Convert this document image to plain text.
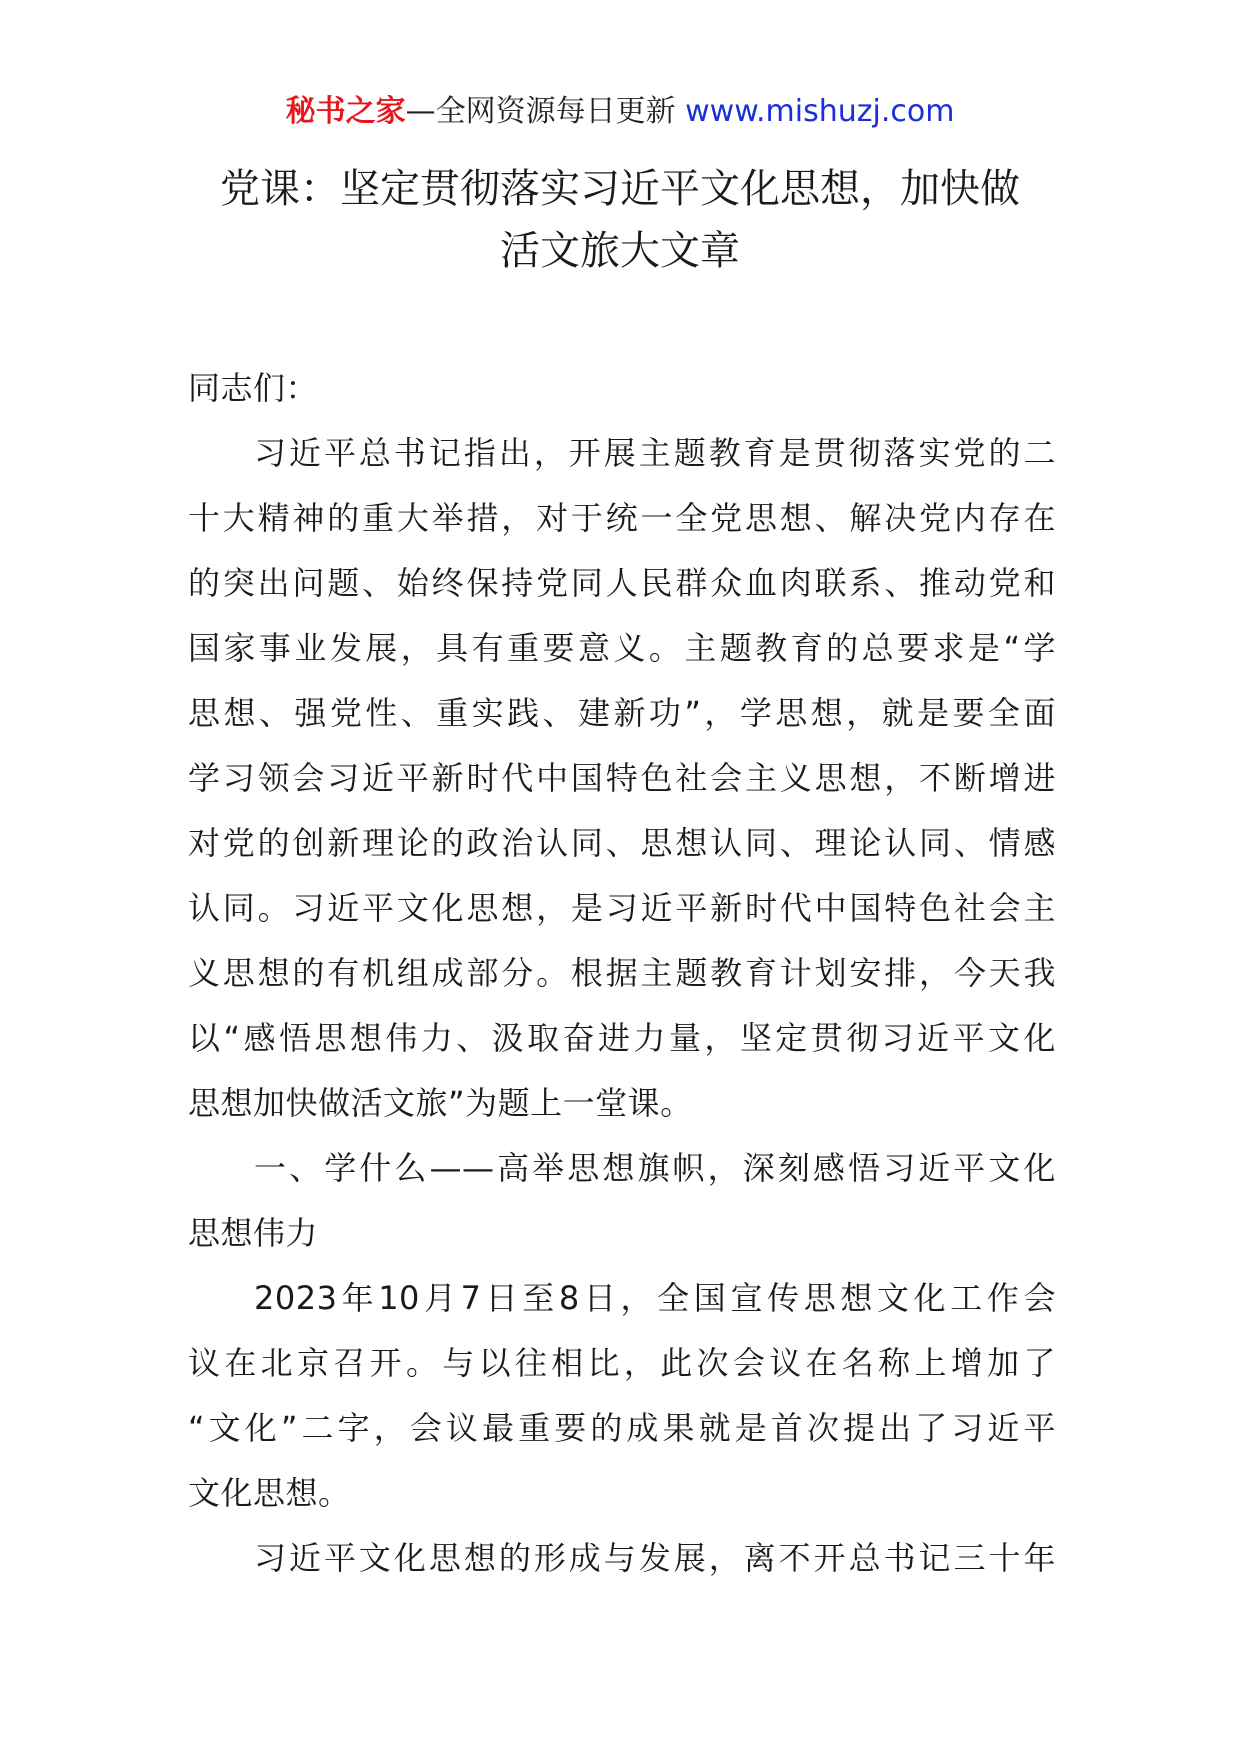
秘书之家—全网资源每日更新 www.mishuzj.com
党课：坚定贯彻落实习近平文化思想，加快做
活文旅大文章
同志们：
习近平总书记指出，开展主题教育是贯彻落实党的二
十大精神的重大举措，对于统一全党思想、解决党内存在
的突出问题、始终保持党同人民群众血肉联系、推动党和
国家事业发展，具有重要意义。主题教育的总要求是“学
思想、强党性、重实践、建新功”，学思想，就是要全面
学习领会习近平新时代中国特色社会主义思想，不断增进
对党的创新理论的政治认同、思想认同、理论认同、情感
认同。习近平文化思想，是习近平新时代中国特色社会主
义思想的有机组成部分。根据主题教育计划安排，今天我
以“感悟思想伟力、汲取奋进力量，坚定贯彻习近平文化
思想加快做活文旅”为题上一堂课。
一、学什么——高举思想旗帜，深刻感悟习近平文化
思想伟力
2023年10月7日至8日，全国宣传思想文化工作会
议在北京召开。与以往相比，此次会议在名称上增加了
“文化”二字，会议最重要的成果就是首次提出了习近平
文化思想。
习近平文化思想的形成与发展，离不开总书记三十年
